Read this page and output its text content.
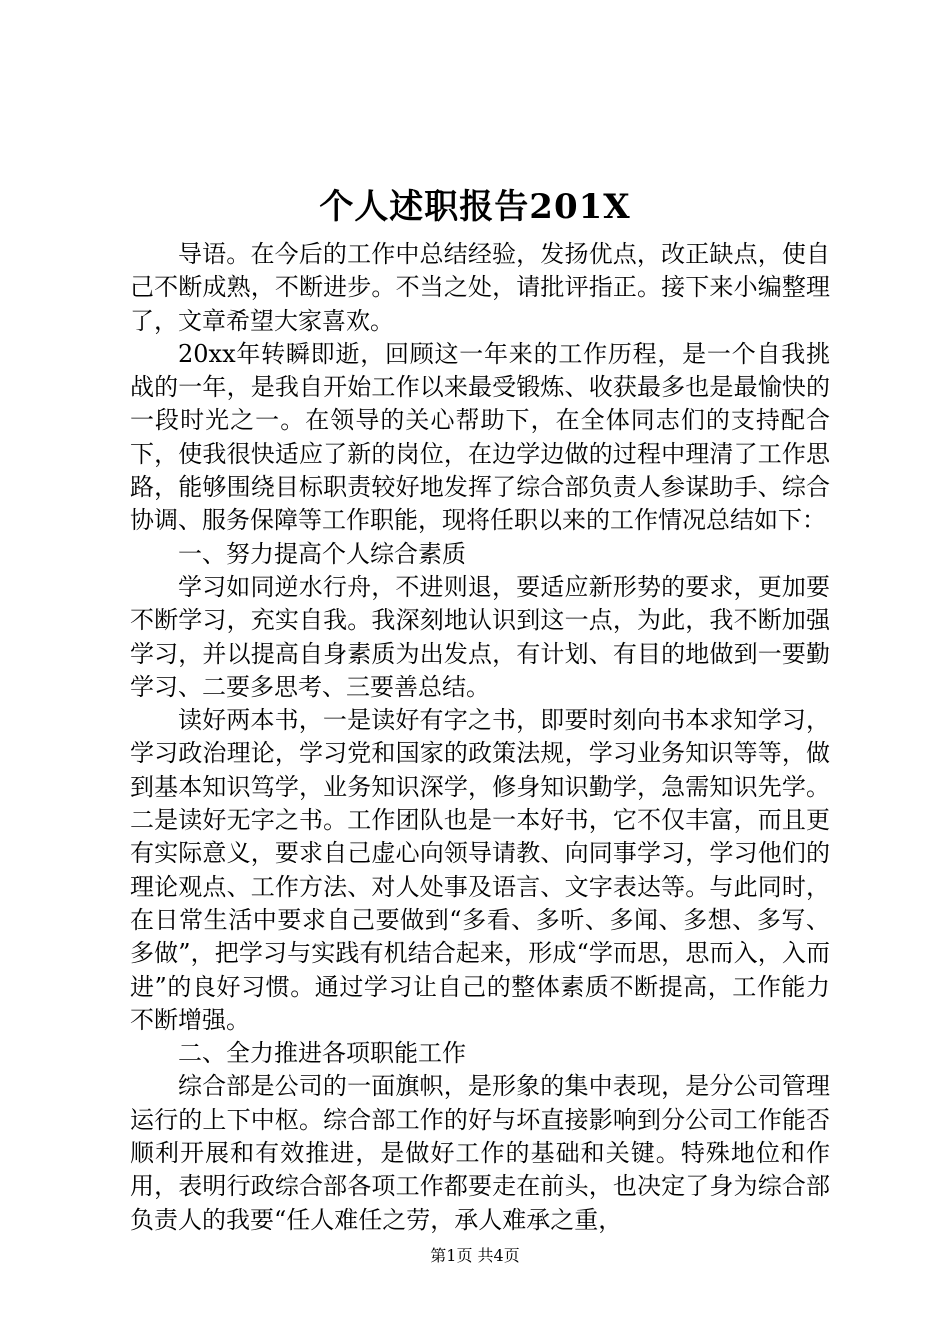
个人述职报告201X

导语。在今后的工作中总结经验，发扬优点，改正缺点，使自己不断成熟，不断进步。不当之处，请批评指正。接下来小编整理了，文章希望大家喜欢。

20xx年转瞬即逝，回顾这一年来的工作历程，是一个自我挑战的一年，是我自开始工作以来最受锻炼、收获最多也是最愉快的一段时光之一。在领导的关心帮助下，在全体同志们的支持配合下，使我很快适应了新的岗位，在边学边做的过程中理清了工作思路，能够围绕目标职责较好地发挥了综合部负责人参谋助手、综合协调、服务保障等工作职能，现将任职以来的工作情况总结如下：

一、努力提高个人综合素质

学习如同逆水行舟，不进则退，要适应新形势的要求，更加要不断学习，充实自我。我深刻地认识到这一点，为此，我不断加强学习，并以提高自身素质为出发点，有计划、有目的地做到一要勤学习、二要多思考、三要善总结。

读好两本书，一是读好有字之书，即要时刻向书本求知学习，学习政治理论，学习党和国家的政策法规，学习业务知识等等，做到基本知识笃学，业务知识深学，修身知识勤学，急需知识先学。二是读好无字之书。工作团队也是一本好书，它不仅丰富，而且更有实际意义，要求自己虚心向领导请教、向同事学习，学习他们的理论观点、工作方法、对人处事及语言、文字表达等。与此同时，在日常生活中要求自己要做到“多看、多听、多闻、多想、多写、多做”，把学习与实践有机结合起来，形成“学而思，思而入，入而进”的良好习惯。通过学习让自己的整体素质不断提高，工作能力不断增强。

二、全力推进各项职能工作

综合部是公司的一面旗帜，是形象的集中表现，是分公司管理运行的上下中枢。综合部工作的好与坏直接影响到分公司工作能否顺利开展和有效推进，是做好工作的基础和关键。特殊地位和作用，表明行政综合部各项工作都要走在前头，也决定了身为综合部负责人的我要“任人难任之劳，承人难承之重，

第1页 共4页
